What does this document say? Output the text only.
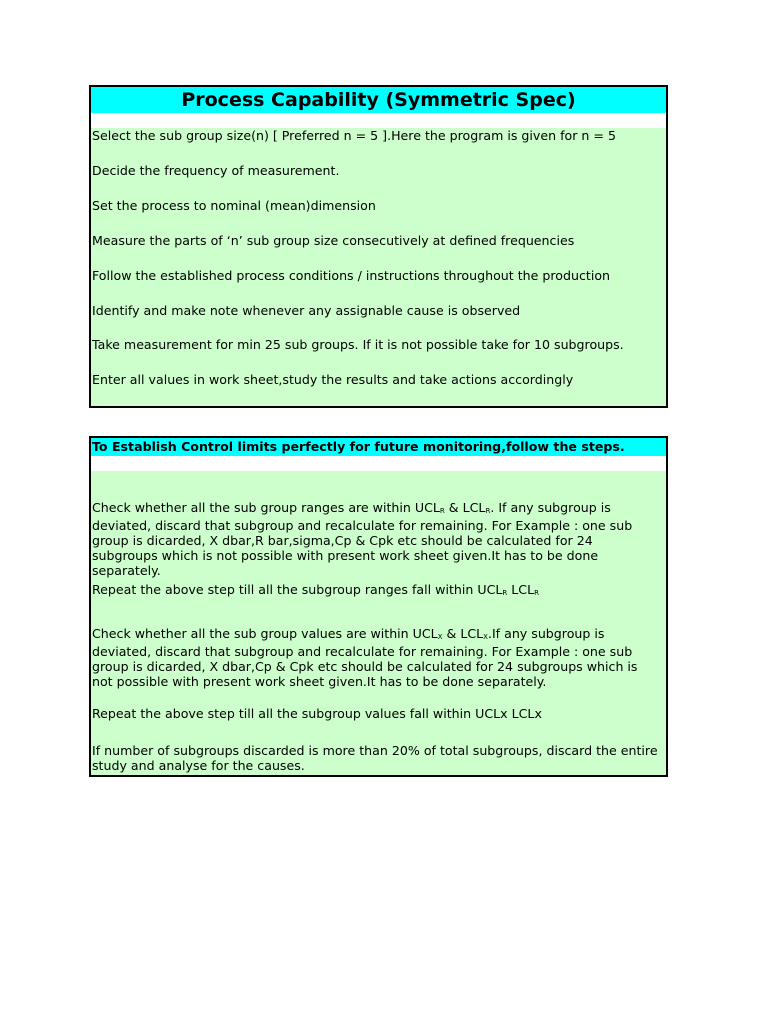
Process Capability (Symmetric Spec)
Select the sub group size(n) [ Preferred n = 5 ].Here the program is given for n = 5
Decide the frequency of measurement.
Set the process to nominal (mean)dimension
Measure the parts of ‘n’ sub group size consecutively at defined frequencies
Follow the established process conditions / instructions throughout the production
Identify and make note whenever any assignable cause is observed
Take measurement for min 25 sub groups. If it is not possible take for 10 subgroups.
Enter all values in work sheet,study the results and take actions accordingly
To Establish Control limits perfectly for future monitoring,follow the steps.
Check whether all the sub group ranges are within $UCL_R$ & $LCL_R$. If any subgroup is deviated, discard that subgroup and recalculate for remaining. For Example : one sub group is dicarded, X dbar,R bar,sigma,Cp & Cpk etc should be calculated for 24 subgroups which is not possible with present work sheet given.It has to be done separately.
Repeat the above step till all the subgroup ranges fall within $UCL_R$ $LCL_R$
Check whether all the sub group values are within $UCL_X$ & $LCL_X.If$ any subgroup is deviated, discard that subgroup and recalculate for remaining. For Example : one sub group is dicarded, X dbar,Cp & Cpk etc should be calculated for 24 subgroups which is not possible with present work sheet given.It has to be done separately.
Repeat the above step till all the subgroup values fall within UCLx LCLx
If number of subgroups discarded is more than 20% of total subgroups, discard the entire study and analyse for the causes.
